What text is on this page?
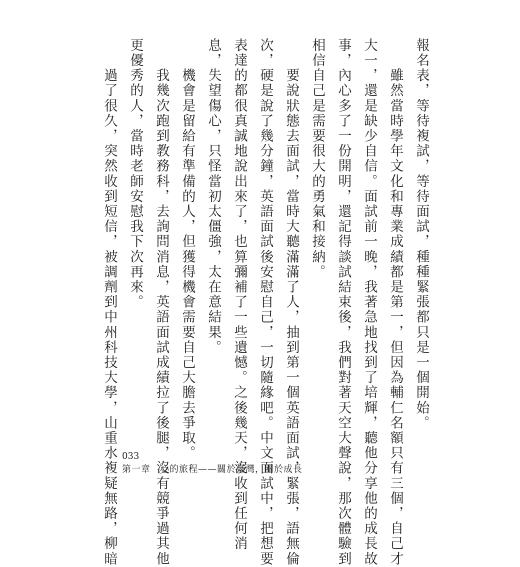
報名表，等待複試，等待面試，種種緊張都只是一個開始。
雖然當時學年文化和專業成績都是第一，但因為輔仁名額只有三個，自己才
大一，還是缺少自信。面試前一晚，我著急地找到了培輝，聽他分享他的成長故
事，內心多了一份開明，還記得談試結束後，我們對著天空大聲說，那次體驗到
相信自己是需要很大的勇氣和接納。
要說狀態去面試，當時大聽滿滿了人，抽到第一個英語面試，緊張，語無倫
次，硬是說了幾分鐘，英語面試後安慰自己，一切隨緣吧。中文面試中，把想要
表達的都很真誠地說出來了，也算彌補了一些遺憾。之後幾天，沒收到任何消
息，失望傷心，只怪當初太僵強，太在意結果。
機會是留給有準備的人，但獲得機會需要自己大膽去爭取。
我幾次跑到教務科，去詢問消息，英語面試成績拉了後腿，沒有競爭過其他
更優秀的人，當時老師安慰我下次再來。
過了很久，突然收到短信，被調劑到中州科技大學，山重水複疑無路，柳暗 033
第一章　心的旅程——關於臺灣，關於成長
